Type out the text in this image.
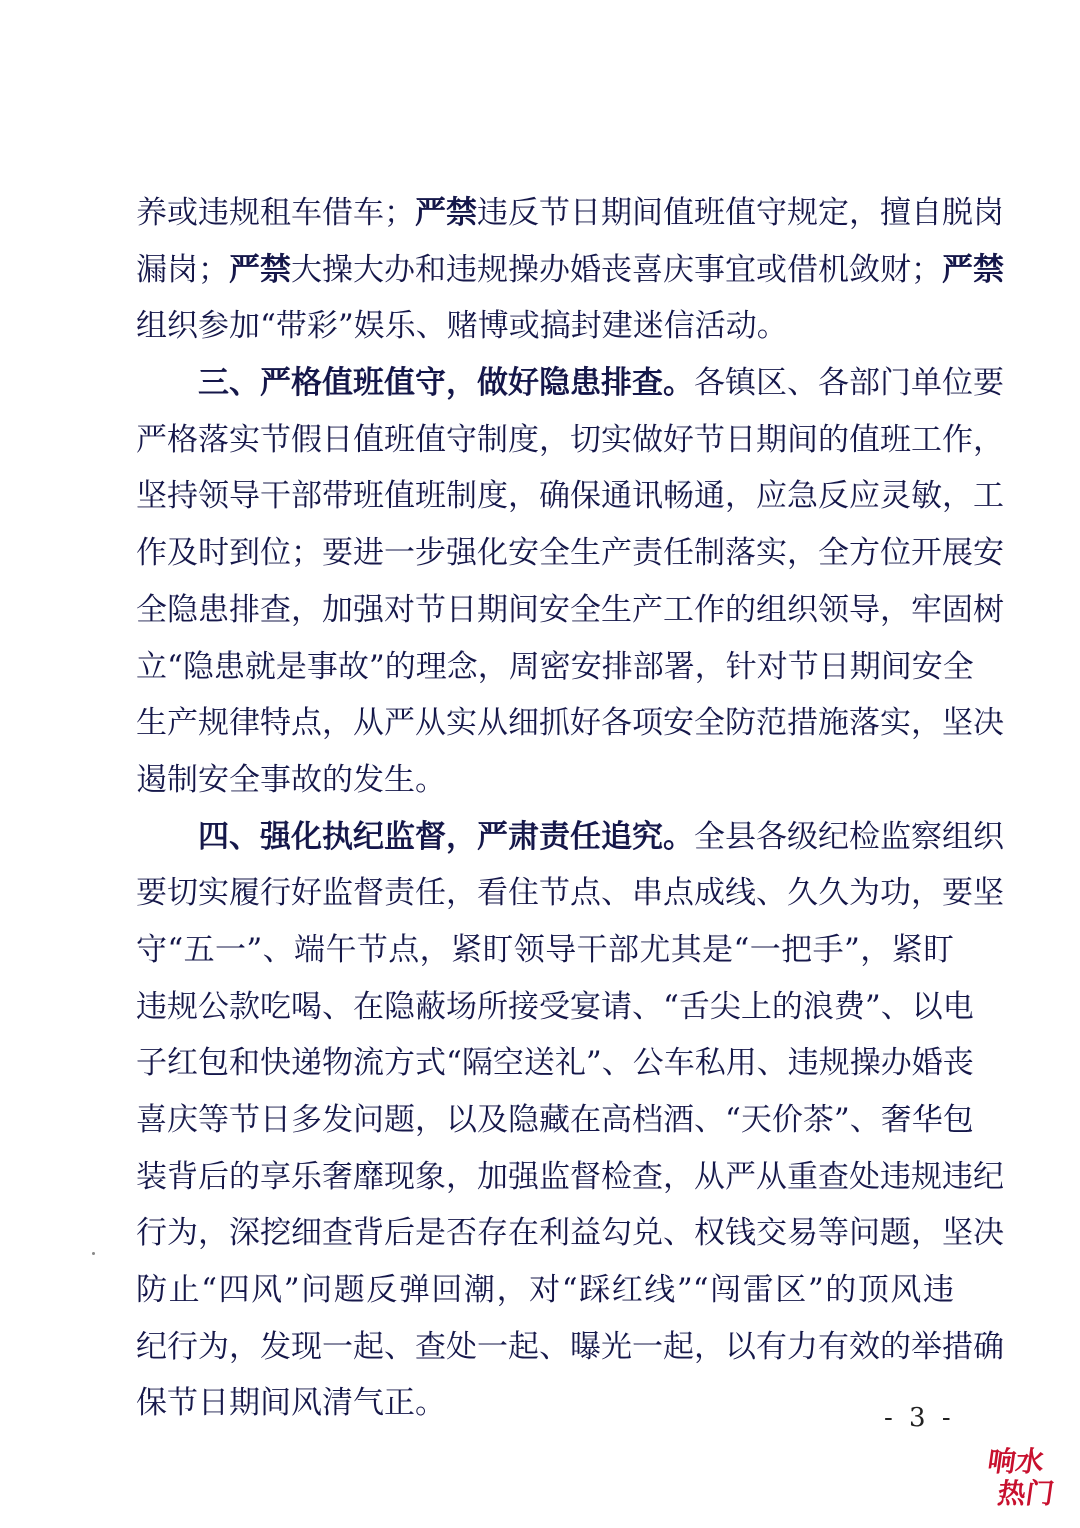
养或违规租车借车；严禁违反节日期间值班值守规定，擅自脱岗
漏岗；严禁大操大办和违规操办婚丧喜庆事宜或借机敛财；严禁
组织参加“带彩”娱乐、赌博或搞封建迷信活动。
三、严格值班值守，做好隐患排查。各镇区、各部门单位要
严格落实节假日值班值守制度，切实做好节日期间的值班工作，
坚持领导干部带班值班制度，确保通讯畅通，应急反应灵敏，工
作及时到位；要进一步强化安全生产责任制落实，全方位开展安
全隐患排查，加强对节日期间安全生产工作的组织领导，牢固树
立“隐患就是事故”的理念，周密安排部署，针对节日期间安全
生产规律特点，从严从实从细抓好各项安全防范措施落实，坚决
遏制安全事故的发生。
四、强化执纪监督，严肃责任追究。全县各级纪检监察组织
要切实履行好监督责任，看住节点、串点成线、久久为功，要坚
守“五一”、端午节点，紧盯领导干部尤其是“一把手”，紧盯
违规公款吃喝、在隐蔽场所接受宴请、“舌尖上的浪费”、以电
子红包和快递物流方式“隔空送礼”、公车私用、违规操办婚丧
喜庆等节日多发问题，以及隐藏在高档酒、“天价茶”、奢华包
装背后的享乐奢靡现象，加强监督检查，从严从重查处违规违纪
行为，深挖细查背后是否存在利益勾兑、权钱交易等问题，坚决
防止“四风”问题反弹回潮，对“踩红线”“闯雷区”的顶风违
纪行为，发现一起、查处一起、曝光一起，以有力有效的举措确
保节日期间风清气正。	- 3 -
响水
热门
